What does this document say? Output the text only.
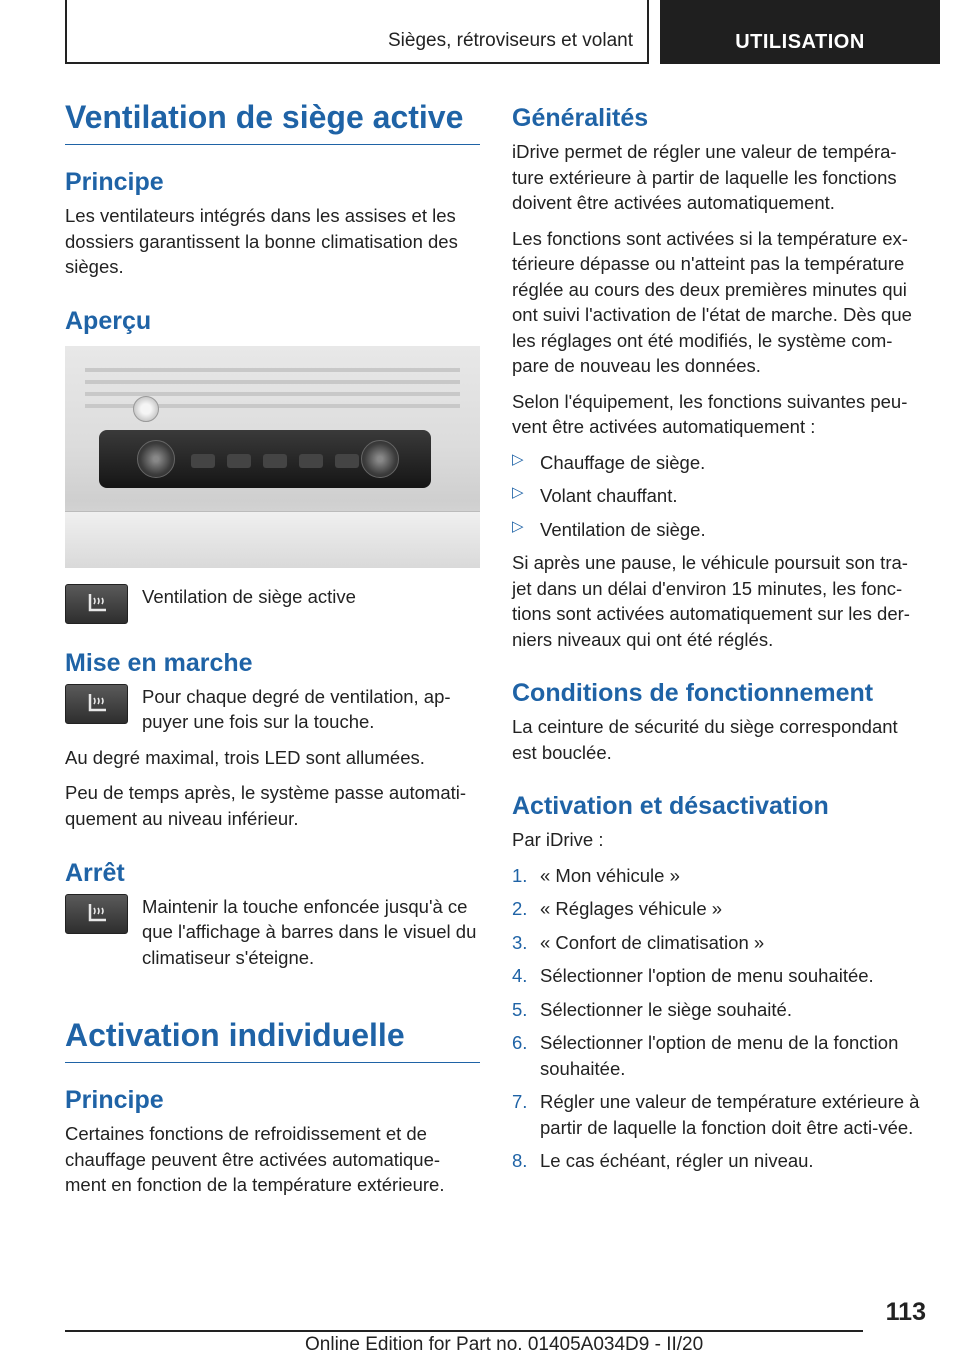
Sièges, rétroviseurs et volant	UTILISATION
Ventilation de siège active
Principe

Les ventilateurs intégrés dans les assises et les dossiers garantissent la bonne climatisation des sièges.

Aperçu

Ventilation de siège active

Mise en marche

Pour chaque degré de ventilation, ap-puyer une fois sur la touche.

Au degré maximal, trois LED sont allumées.

Peu de temps après, le système passe automati-quement au niveau inférieur.

Arrêt

Maintenir la touche enfoncée jusqu'à ce que l'affichage à barres dans le visuel du climatiseur s'éteigne.

Activation individuelle
Principe

Certaines fonctions de refroidissement et de chauffage peuvent être activées automatique-ment en fonction de la température extérieure.

Généralités

iDrive permet de régler une valeur de tempéra-ture extérieure à partir de laquelle les fonctions doivent être activées automatiquement.

Les fonctions sont activées si la température ex-térieure dépasse ou n'atteint pas la température réglée au cours des deux premières minutes qui ont suivi l'activation de l'état de marche. Dès que les réglages ont été modifiés, le système com-pare de nouveau les données.

Selon l'équipement, les fonctions suivantes peu-vent être activées automatiquement :

▷ Chauffage de siège.
▷ Volant chauffant.
▷ Ventilation de siège.

Si après une pause, le véhicule poursuit son tra-jet dans un délai d'environ 15 minutes, les fonc-tions sont activées automatiquement sur les der-niers niveaux qui ont été réglés.

Conditions de fonctionnement

La ceinture de sécurité du siège correspondant est bouclée.

Activation et désactivation

Par iDrive :

1. « Mon véhicule »
2. « Réglages véhicule »
3. « Confort de climatisation »
4. Sélectionner l'option de menu souhaitée.
5. Sélectionner le siège souhaité.
6. Sélectionner l'option de menu de la fonction souhaitée.
7. Régler une valeur de température extérieure à partir de laquelle la fonction doit être acti-vée.
8. Le cas échéant, régler un niveau.
113
Online Edition for Part no. 01405A034D9 - II/20
